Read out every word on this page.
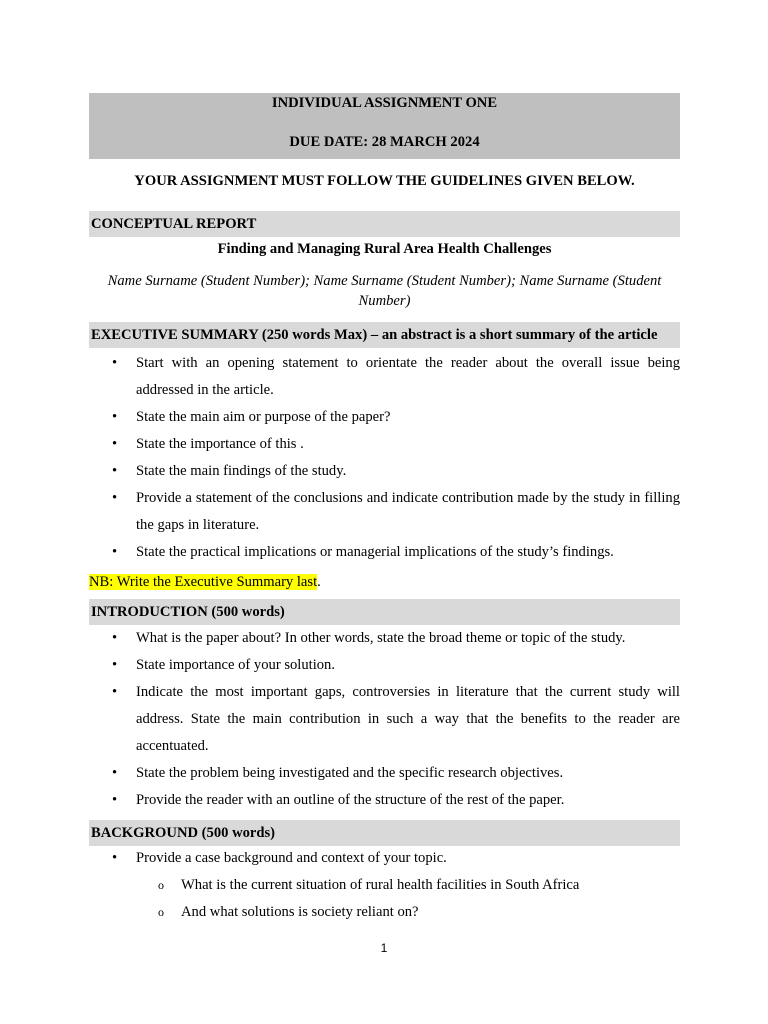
INDIVIDUAL ASSIGNMENT ONE
DUE DATE: 28 MARCH 2024
YOUR ASSIGNMENT MUST FOLLOW THE GUIDELINES GIVEN BELOW.
CONCEPTUAL REPORT
Finding and Managing Rural Area Health Challenges
Name Surname (Student Number); Name Surname (Student Number); Name Surname (Student
Number)
EXECUTIVE SUMMARY (250 words Max) – an abstract is a short summary of the article
• Start with an opening statement to orientate the reader about the overall issue being addressed in the article.
• State the main aim or purpose of the paper?
• State the importance of this .
• State the main findings of the study.
• Provide a statement of the conclusions and indicate contribution made by the study in filling the gaps in literature.
• State the practical implications or managerial implications of the study’s findings.
NB: Write the Executive Summary last.
INTRODUCTION (500 words)
• What is the paper about? In other words, state the broad theme or topic of the study.
• State importance of your solution.
• Indicate the most important gaps, controversies in literature that the current study will address. State the main contribution in such a way that the benefits to the reader are accentuated.
• State the problem being investigated and the specific research objectives.
• Provide the reader with an outline of the structure of the rest of the paper.
BACKGROUND (500 words)
• Provide a case background and context of your topic.
o What is the current situation of rural health facilities in South Africa
o And what solutions is society reliant on?
1
